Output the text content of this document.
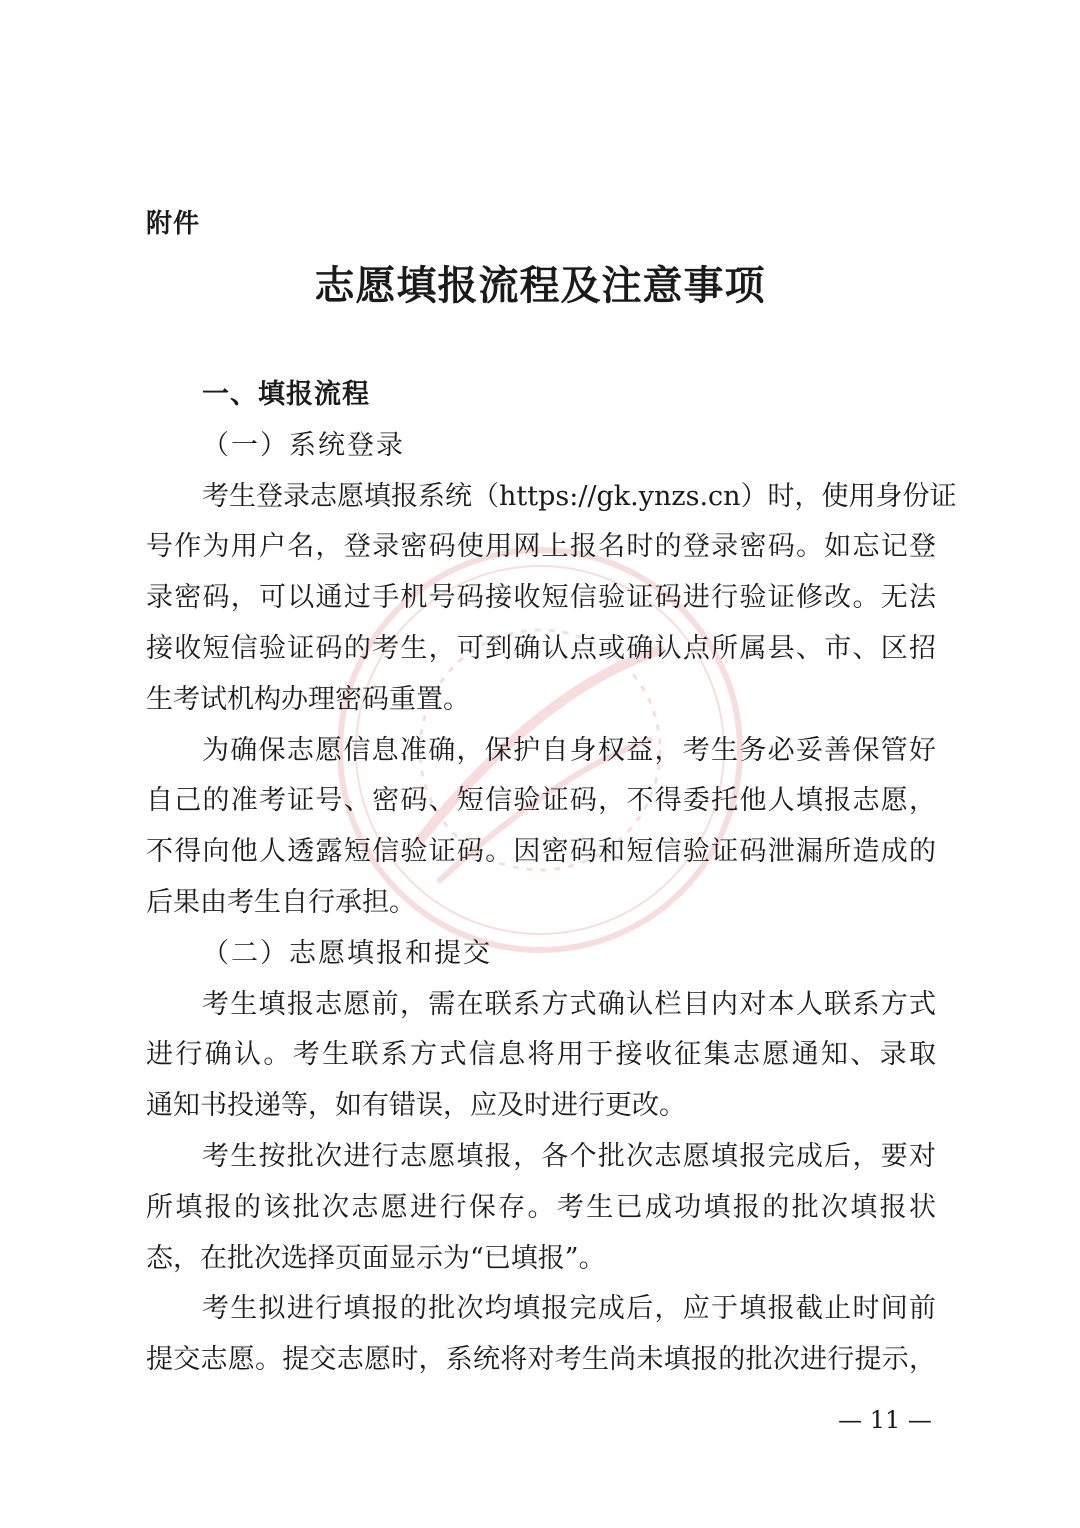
附件
志愿填报流程及注意事项
一、填报流程
（一）系统登录
考生登录志愿填报系统（https://gk.ynzs.cn）时，使用身份证
号作为用户名，登录密码使用网上报名时的登录密码。如忘记登
录密码，可以通过手机号码接收短信验证码进行验证修改。无法
接收短信验证码的考生，可到确认点或确认点所属县、市、区招
生考试机构办理密码重置。
为确保志愿信息准确，保护自身权益，考生务必妥善保管好
自己的准考证号、密码、短信验证码，不得委托他人填报志愿，
不得向他人透露短信验证码。因密码和短信验证码泄漏所造成的
后果由考生自行承担。
（二）志愿填报和提交
考生填报志愿前，需在联系方式确认栏目内对本人联系方式
进行确认。考生联系方式信息将用于接收征集志愿通知、录取
通知书投递等，如有错误，应及时进行更改。
考生按批次进行志愿填报，各个批次志愿填报完成后，要对
所填报的该批次志愿进行保存。考生已成功填报的批次填报状
态，在批次选择页面显示为“已填报”。
考生拟进行填报的批次均填报完成后，应于填报截止时间前
提交志愿。提交志愿时，系统将对考生尚未填报的批次进行提示，
— 11 —
